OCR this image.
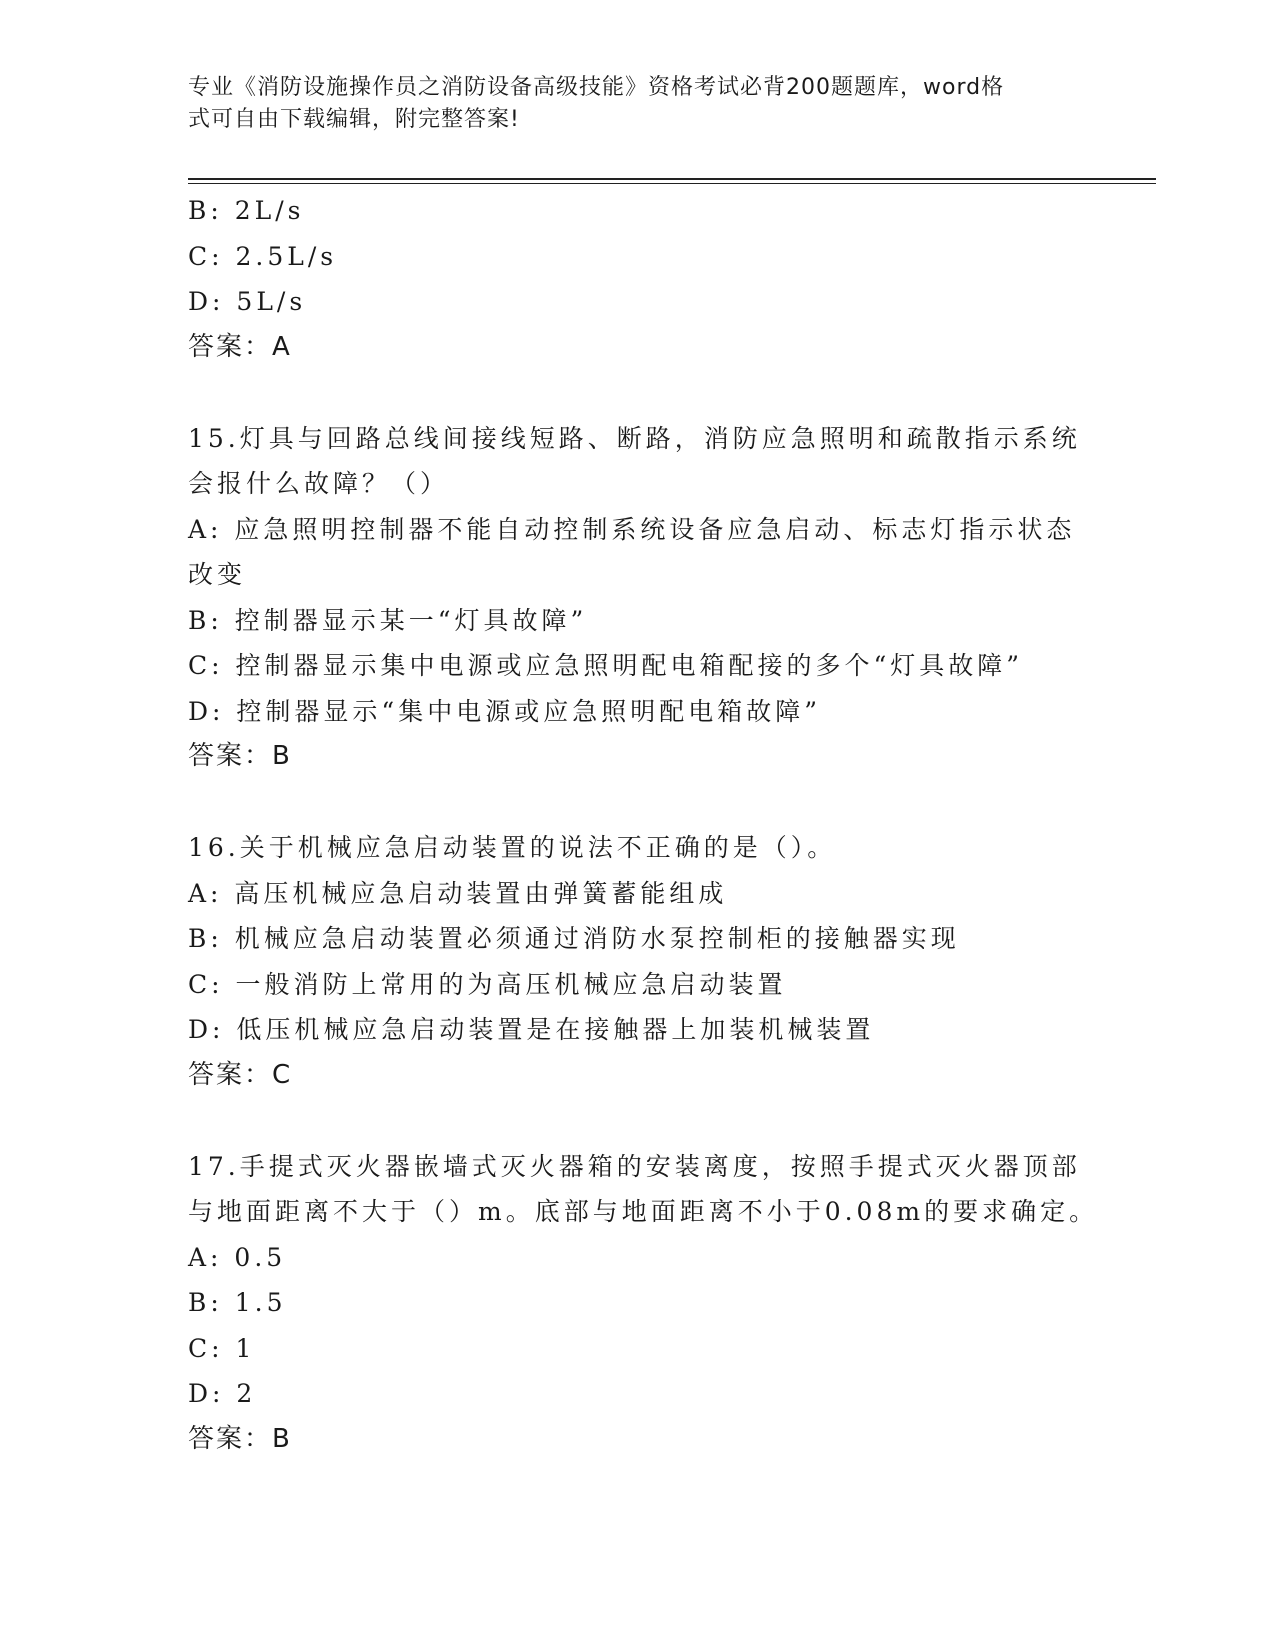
专业《消防设施操作员之消防设备高级技能》资格考试必背200题题库，word格
式可自由下载编辑，附完整答案!

B: 2L/s

C: 2.5L/s

D: 5L/s

答案：A

15.灯具与回路总线间接线短路、断路，消防应急照明和疏散指示系统

会报什么故障？（）

A: 应急照明控制器不能自动控制系统设备应急启动、标志灯指示状态

改变

B: 控制器显示某一“灯具故障”

C: 控制器显示集中电源或应急照明配电箱配接的多个“灯具故障”

D: 控制器显示“集中电源或应急照明配电箱故障”

答案：B

16.关于机械应急启动装置的说法不正确的是（）。

A: 高压机械应急启动装置由弹簧蓄能组成

B: 机械应急启动装置必须通过消防水泵控制柜的接触器实现

C: 一般消防上常用的为高压机械应急启动装置

D: 低压机械应急启动装置是在接触器上加装机械装置

答案：C

17.手提式灭火器嵌墙式灭火器箱的安装离度，按照手提式灭火器顶部

与地面距离不大于（）m。底部与地面距离不小于0.08m的要求确定。

A: 0.5

B: 1.5

C: 1

D: 2

答案：B
